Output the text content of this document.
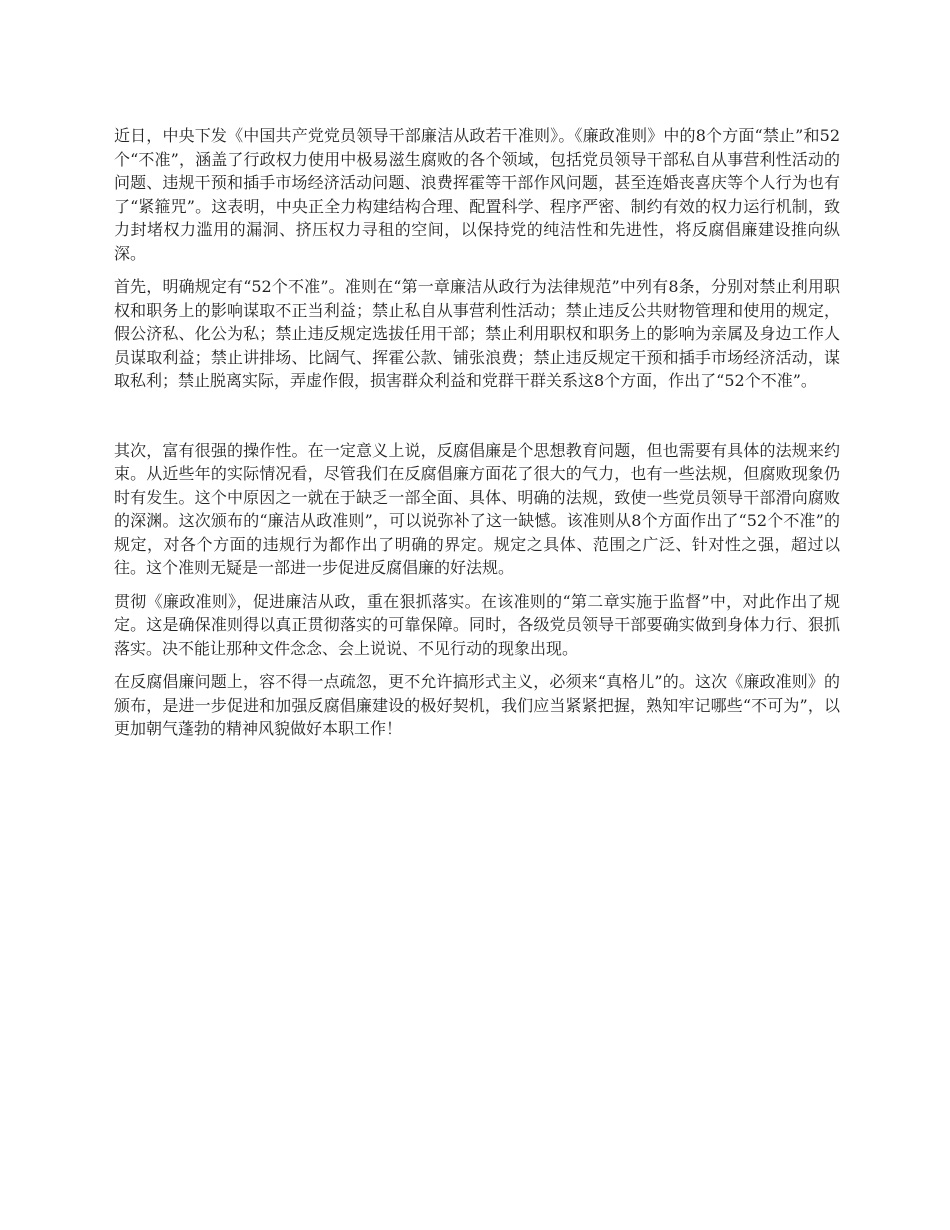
近日，中央下发《中国共产党党员领导干部廉洁从政若干准则》。《廉政准则》中的8个方面“禁止”和52个“不准”，涵盖了行政权力使用中极易滋生腐败的各个领域，包括党员领导干部私自从事营利性活动的问题、违规干预和插手市场经济活动问题、浪费挥霍等干部作风问题，甚至连婚丧喜庆等个人行为也有了“紧箍咒”。这表明，中央正全力构建结构合理、配置科学、程序严密、制约有效的权力运行机制，致力封堵权力滥用的漏洞、挤压权力寻租的空间，以保持党的纯洁性和先进性，将反腐倡廉建设推向纵深。

首先，明确规定有“52个不准”。准则在“第一章廉洁从政行为法律规范”中列有8条，分别对禁止利用职权和职务上的影响谋取不正当利益；禁止私自从事营利性活动；禁止违反公共财物管理和使用的规定，假公济私、化公为私；禁止违反规定选拔任用干部；禁止利用职权和职务上的影响为亲属及身边工作人员谋取利益；禁止讲排场、比阔气、挥霍公款、铺张浪费；禁止违反规定干预和插手市场经济活动，谋取私利；禁止脱离实际，弄虚作假，损害群众利益和党群干群关系这8个方面，作出了“52个不准”。

其次，富有很强的操作性。在一定意义上说，反腐倡廉是个思想教育问题，但也需要有具体的法规来约束。从近些年的实际情况看，尽管我们在反腐倡廉方面花了很大的气力，也有一些法规，但腐败现象仍时有发生。这个中原因之一就在于缺乏一部全面、具体、明确的法规，致使一些党员领导干部滑向腐败的深渊。这次颁布的“廉洁从政准则”，可以说弥补了这一缺憾。该准则从8个方面作出了“52个不准”的规定，对各个方面的违规行为都作出了明确的界定。规定之具体、范围之广泛、针对性之强，超过以往。这个准则无疑是一部进一步促进反腐倡廉的好法规。

贯彻《廉政准则》，促进廉洁从政，重在狠抓落实。在该准则的“第二章实施于监督”中，对此作出了规定。这是确保准则得以真正贯彻落实的可靠保障。同时，各级党员领导干部要确实做到身体力行、狠抓落实。决不能让那种文件念念、会上说说、不见行动的现象出现。

在反腐倡廉问题上，容不得一点疏忽，更不允许搞形式主义，必须来“真格儿”的。这次《廉政准则》的颁布，是进一步促进和加强反腐倡廉建设的极好契机，我们应当紧紧把握，熟知牢记哪些“不可为”，以更加朝气蓬勃的精神风貌做好本职工作！
